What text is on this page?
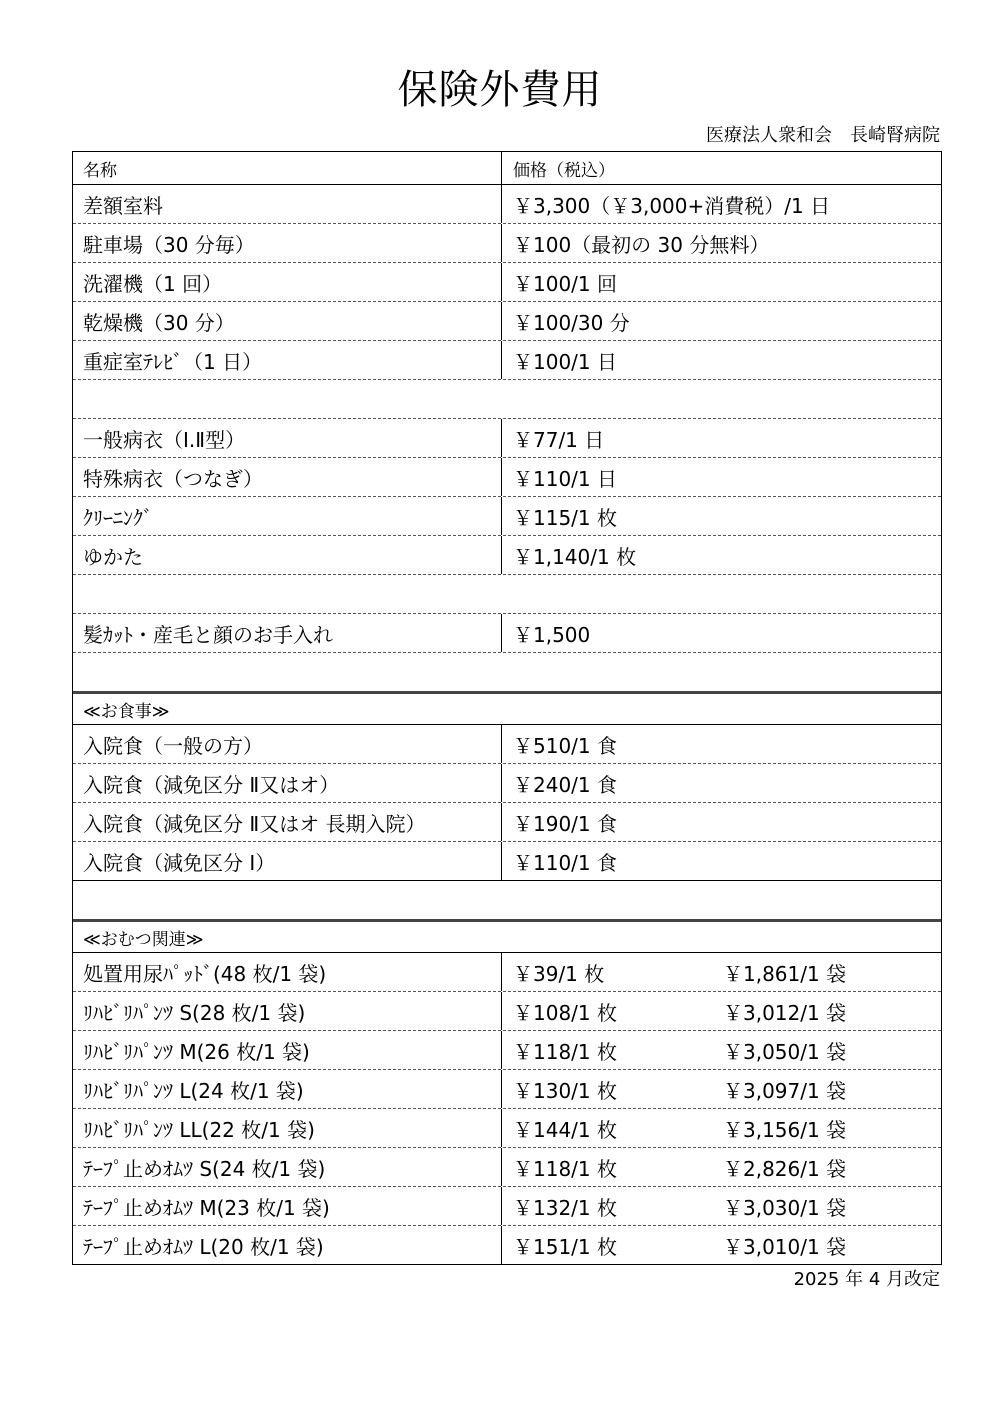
保険外費用
医療法人衆和会　長崎腎病院
名称	価格（税込）
差額室料	￥3,300（￥3,000+消費税）/1 日
駐車場（30 分毎）	￥100（最初の 30 分無料）
洗濯機（1 回）	￥100/1 回
乾燥機（30 分）	￥100/30 分
重症室ﾃﾚﾋﾞ（1 日）	￥100/1 日
一般病衣（Ⅰ.Ⅱ型）	￥77/1 日
特殊病衣（つなぎ）	￥110/1 日
ｸﾘｰﾆﾝｸﾞ	￥115/1 枚
ゆかた	￥1,140/1 枚
髪ｶｯﾄ・産毛と顔のお手入れ	￥1,500
≪お食事≫
入院食（一般の方）	￥510/1 食
入院食（減免区分 Ⅱ又はオ）	￥240/1 食
入院食（減免区分 Ⅱ又はオ 長期入院）	￥190/1 食
入院食（減免区分 Ⅰ）	￥110/1 食
≪おむつ関連≫
処置用尿ﾊﾟｯﾄﾞ(48 枚/1 袋)	￥39/1 枚	￥1,861/1 袋
ﾘﾊﾋﾞﾘﾊﾟﾝﾂ S(28 枚/1 袋)	￥108/1 枚	￥3,012/1 袋
ﾘﾊﾋﾞﾘﾊﾟﾝﾂ M(26 枚/1 袋)	￥118/1 枚	￥3,050/1 袋
ﾘﾊﾋﾞﾘﾊﾟﾝﾂ L(24 枚/1 袋)	￥130/1 枚	￥3,097/1 袋
ﾘﾊﾋﾞﾘﾊﾟﾝﾂ LL(22 枚/1 袋)	￥144/1 枚	￥3,156/1 袋
ﾃｰﾌﾟ止めｵﾑﾂ S(24 枚/1 袋)	￥118/1 枚	￥2,826/1 袋
ﾃｰﾌﾟ止めｵﾑﾂ M(23 枚/1 袋)	￥132/1 枚	￥3,030/1 袋
ﾃｰﾌﾟ止めｵﾑﾂ L(20 枚/1 袋)	￥151/1 枚	￥3,010/1 袋
2025 年 4 月改定
